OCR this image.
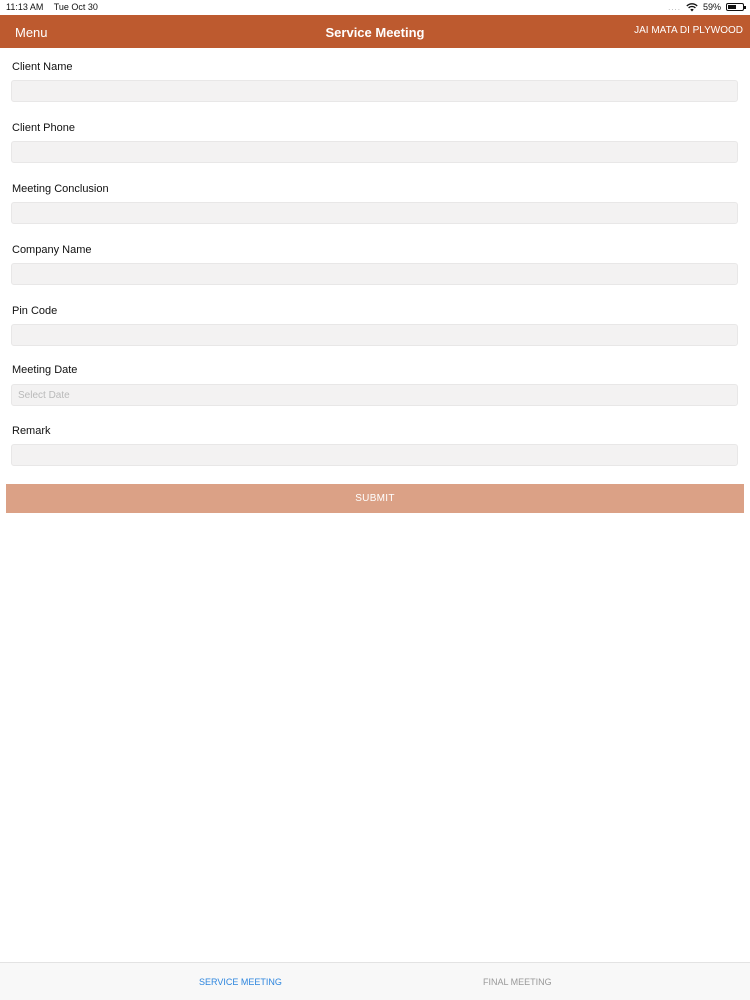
11:13 AM Tue Oct 30	.... 59%
Menu	Service Meeting	JAI MATA DI PLYWOOD
Client Name
Client Phone
Meeting Conclusion
Company Name
Pin Code
Meeting Date
Select Date
Remark
SUBMIT
SERVICE MEETING	FINAL MEETING
